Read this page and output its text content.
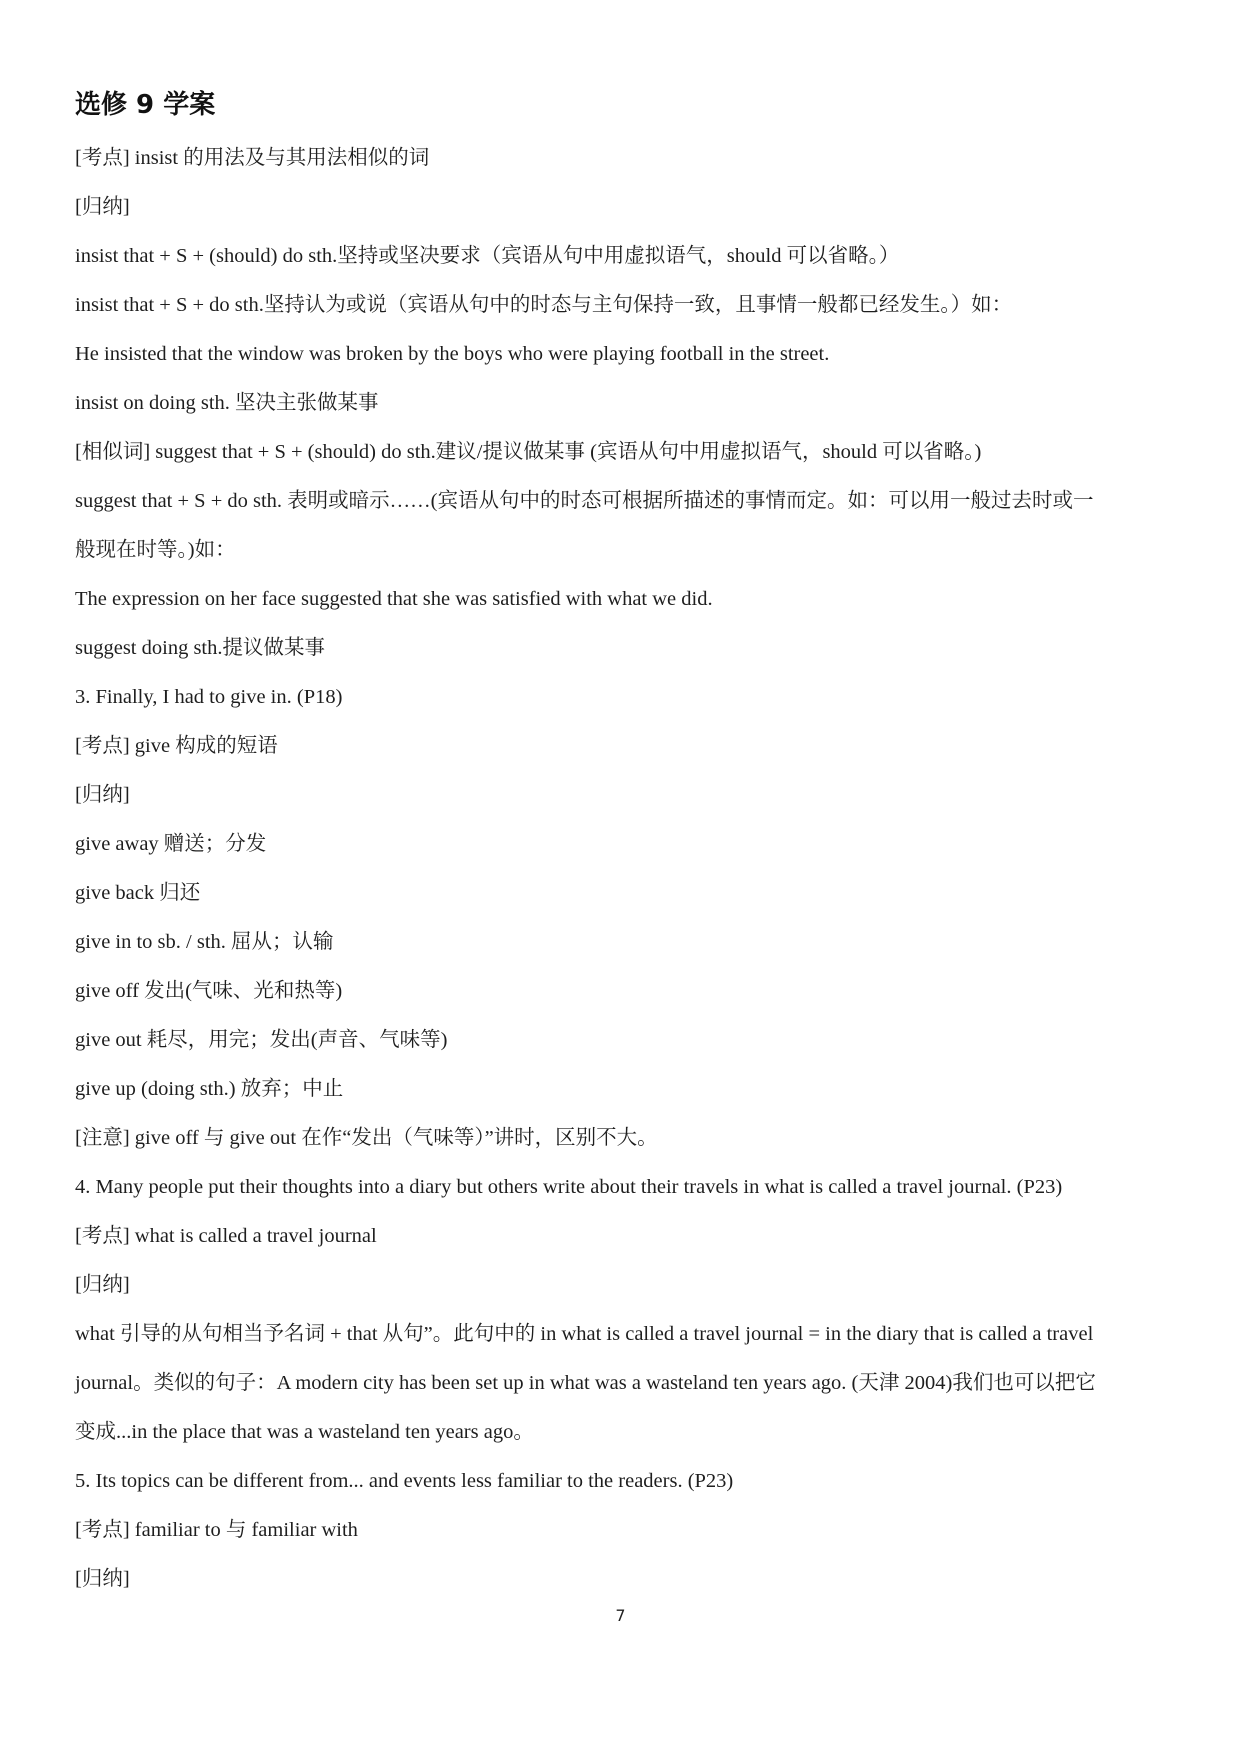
选修 9 学案
[考点] insist 的用法及与其用法相似的词
[归纳]
insist that + S + (should) do sth.坚持或坚决要求（宾语从句中用虚拟语气，should 可以省略。）
insist that + S + do sth.坚持认为或说（宾语从句中的时态与主句保持一致，且事情一般都已经发生。）如：
He insisted that the window was broken by the boys who were playing football in the street.
insist on doing sth. 坚决主张做某事
[相似词] suggest that + S + (should) do sth.建议/提议做某事 (宾语从句中用虚拟语气，should 可以省略。)
suggest that + S + do sth. 表明或暗示……(宾语从句中的时态可根据所描述的事情而定。如：可以用一般过去时或一
般现在时等。)如：
The expression on her face suggested that she was satisfied with what we did.
suggest doing sth.提议做某事
3. Finally, I had to give in. (P18)
[考点] give 构成的短语
[归纳]
give away 赠送；分发
give back 归还
give in to sb. / sth. 屈从；认输
give off 发出(气味、光和热等)
give out 耗尽，用完；发出(声音、气味等)
give up (doing sth.) 放弃；中止
[注意] give off 与 give out 在作“发出（气味等）”讲时，区别不大。
4. Many people put their thoughts into a diary but others write about their travels in what is called a travel journal. (P23)
[考点] what is called a travel journal
[归纳]
what 引导的从句相当予名词 + that 从句”。此句中的 in what is called a travel journal = in the diary that is called a travel
journal。类似的句子：A modern city has been set up in what was a wasteland ten years ago. (天津 2004)我们也可以把它
变成...in the place that was a wasteland ten years ago。
5. Its topics can be different from... and events less familiar to the readers. (P23)
[考点] familiar to 与 familiar with
[归纳]
7
